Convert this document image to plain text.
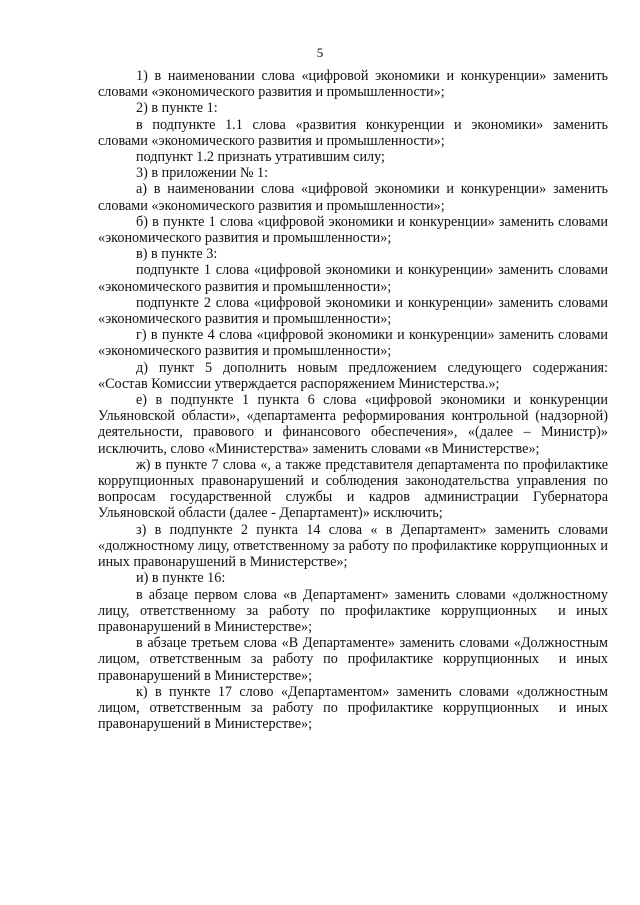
5

1) в наименовании слова «цифровой экономики и конкуренции» заменить словами «экономического развития и промышленности»;

2) в пункте 1:

в подпункте 1.1 слова «развития конкуренции и экономики» заменить словами «экономического развития и промышленности»;

подпункт 1.2 признать утратившим силу;

3) в приложении № 1:

а) в наименовании слова «цифровой экономики и конкуренции» заменить словами «экономического развития и промышленности»;

б) в пункте 1 слова «цифровой экономики и конкуренции» заменить словами «экономического развития и промышленности»;

в) в пункте 3:

подпункте 1 слова «цифровой экономики и конкуренции» заменить словами «экономического развития и промышленности»;

подпункте 2 слова «цифровой экономики и конкуренции» заменить словами «экономического развития и промышленности»;

г) в пункте 4 слова «цифровой экономики и конкуренции» заменить словами «экономического развития и промышленности»;

д) пункт 5 дополнить новым предложением следующего содержания: «Состав Комиссии утверждается распоряжением Министерства.»;

е) в подпункте 1 пункта 6 слова «цифровой экономики и конкуренции Ульяновской области», «департамента реформирования контрольной (надзорной) деятельности, правового и финансового обеспечения», «(далее – Министр)» исключить, слово «Министерства» заменить словами «в Министерстве»;

ж) в пункте 7 слова «, а также представителя департамента по профилактике коррупционных правонарушений и соблюдения законодательства управления по вопросам государственной службы и кадров администрации Губернатора Ульяновской области (далее - Департамент)» исключить;

з) в подпункте 2 пункта 14 слова « в Департамент» заменить словами «должностному лицу, ответственному за работу по профилактике коррупционных и иных правонарушений в Министерстве»;

и) в пункте 16:

в абзаце первом слова «в Департамент» заменить словами «должностному лицу, ответственному за работу по профилактике коррупционных  и иных правонарушений в Министерстве»;

в абзаце третьем слова «В Департаменте» заменить словами «Должностным лицом, ответственным за работу по профилактике коррупционных  и иных правонарушений в Министерстве»;

к) в пункте 17 слово «Департаментом» заменить словами «должностным лицом, ответственным за работу по профилактике коррупционных  и иных правонарушений в Министерстве»;
